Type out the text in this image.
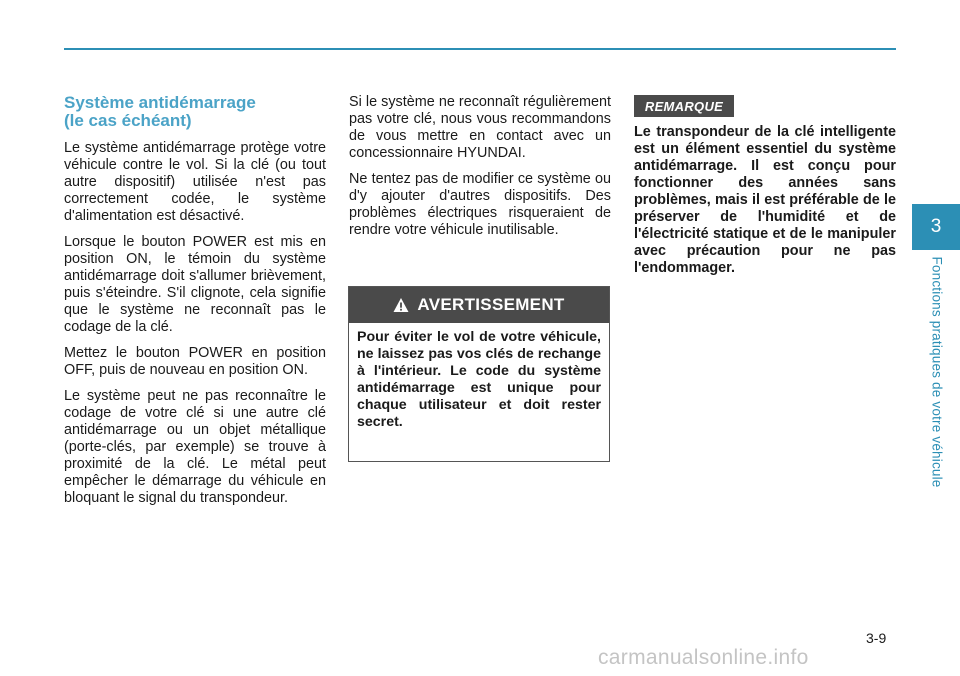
Système antidémarrage
(le cas échéant)

Le système antidémarrage protège votre véhicule contre le vol. Si la clé (ou tout autre dispositif) utilisée n'est pas correctement codée, le système d'alimentation est désactivé.

Lorsque le bouton POWER est mis en position ON, le témoin du système antidémarrage doit s'allumer brièvement, puis s'éteindre. S'il clignote, cela signifie que le système ne reconnaît pas le codage de la clé.

Mettez le bouton POWER en position OFF, puis de nouveau en position ON.

Le système peut ne pas reconnaître le codage de votre clé si une autre clé antidémarrage ou un objet métallique (porte-clés, par exemple) se trouve à proximité de la clé. Le métal peut empêcher le démarrage du véhicule en bloquant le signal du transpondeur.

Si le système ne reconnaît régulièrement pas votre clé, nous vous recommandons de vous mettre en contact avec un concessionnaire HYUNDAI.

Ne tentez pas de modifier ce système ou d'y ajouter d'autres dispositifs. Des problèmes électriques risqueraient de rendre votre véhicule inutilisable.

AVERTISSEMENT

Pour éviter le vol de votre véhicule, ne laissez pas vos clés de rechange à l'intérieur. Le code du système antidémarrage est unique pour chaque utilisateur et doit rester secret.

REMARQUE

Le transpondeur de la clé intelligente est un élément essentiel du système antidémarrage. Il est conçu pour fonctionner des années sans problèmes, mais il est préférable de le préserver de l'humidité et de l'électricité statique et de le manipuler avec précaution pour ne pas l'endommager.

3
Fonctions pratiques de votre véhicule
3-9
carmanualsonline.info
